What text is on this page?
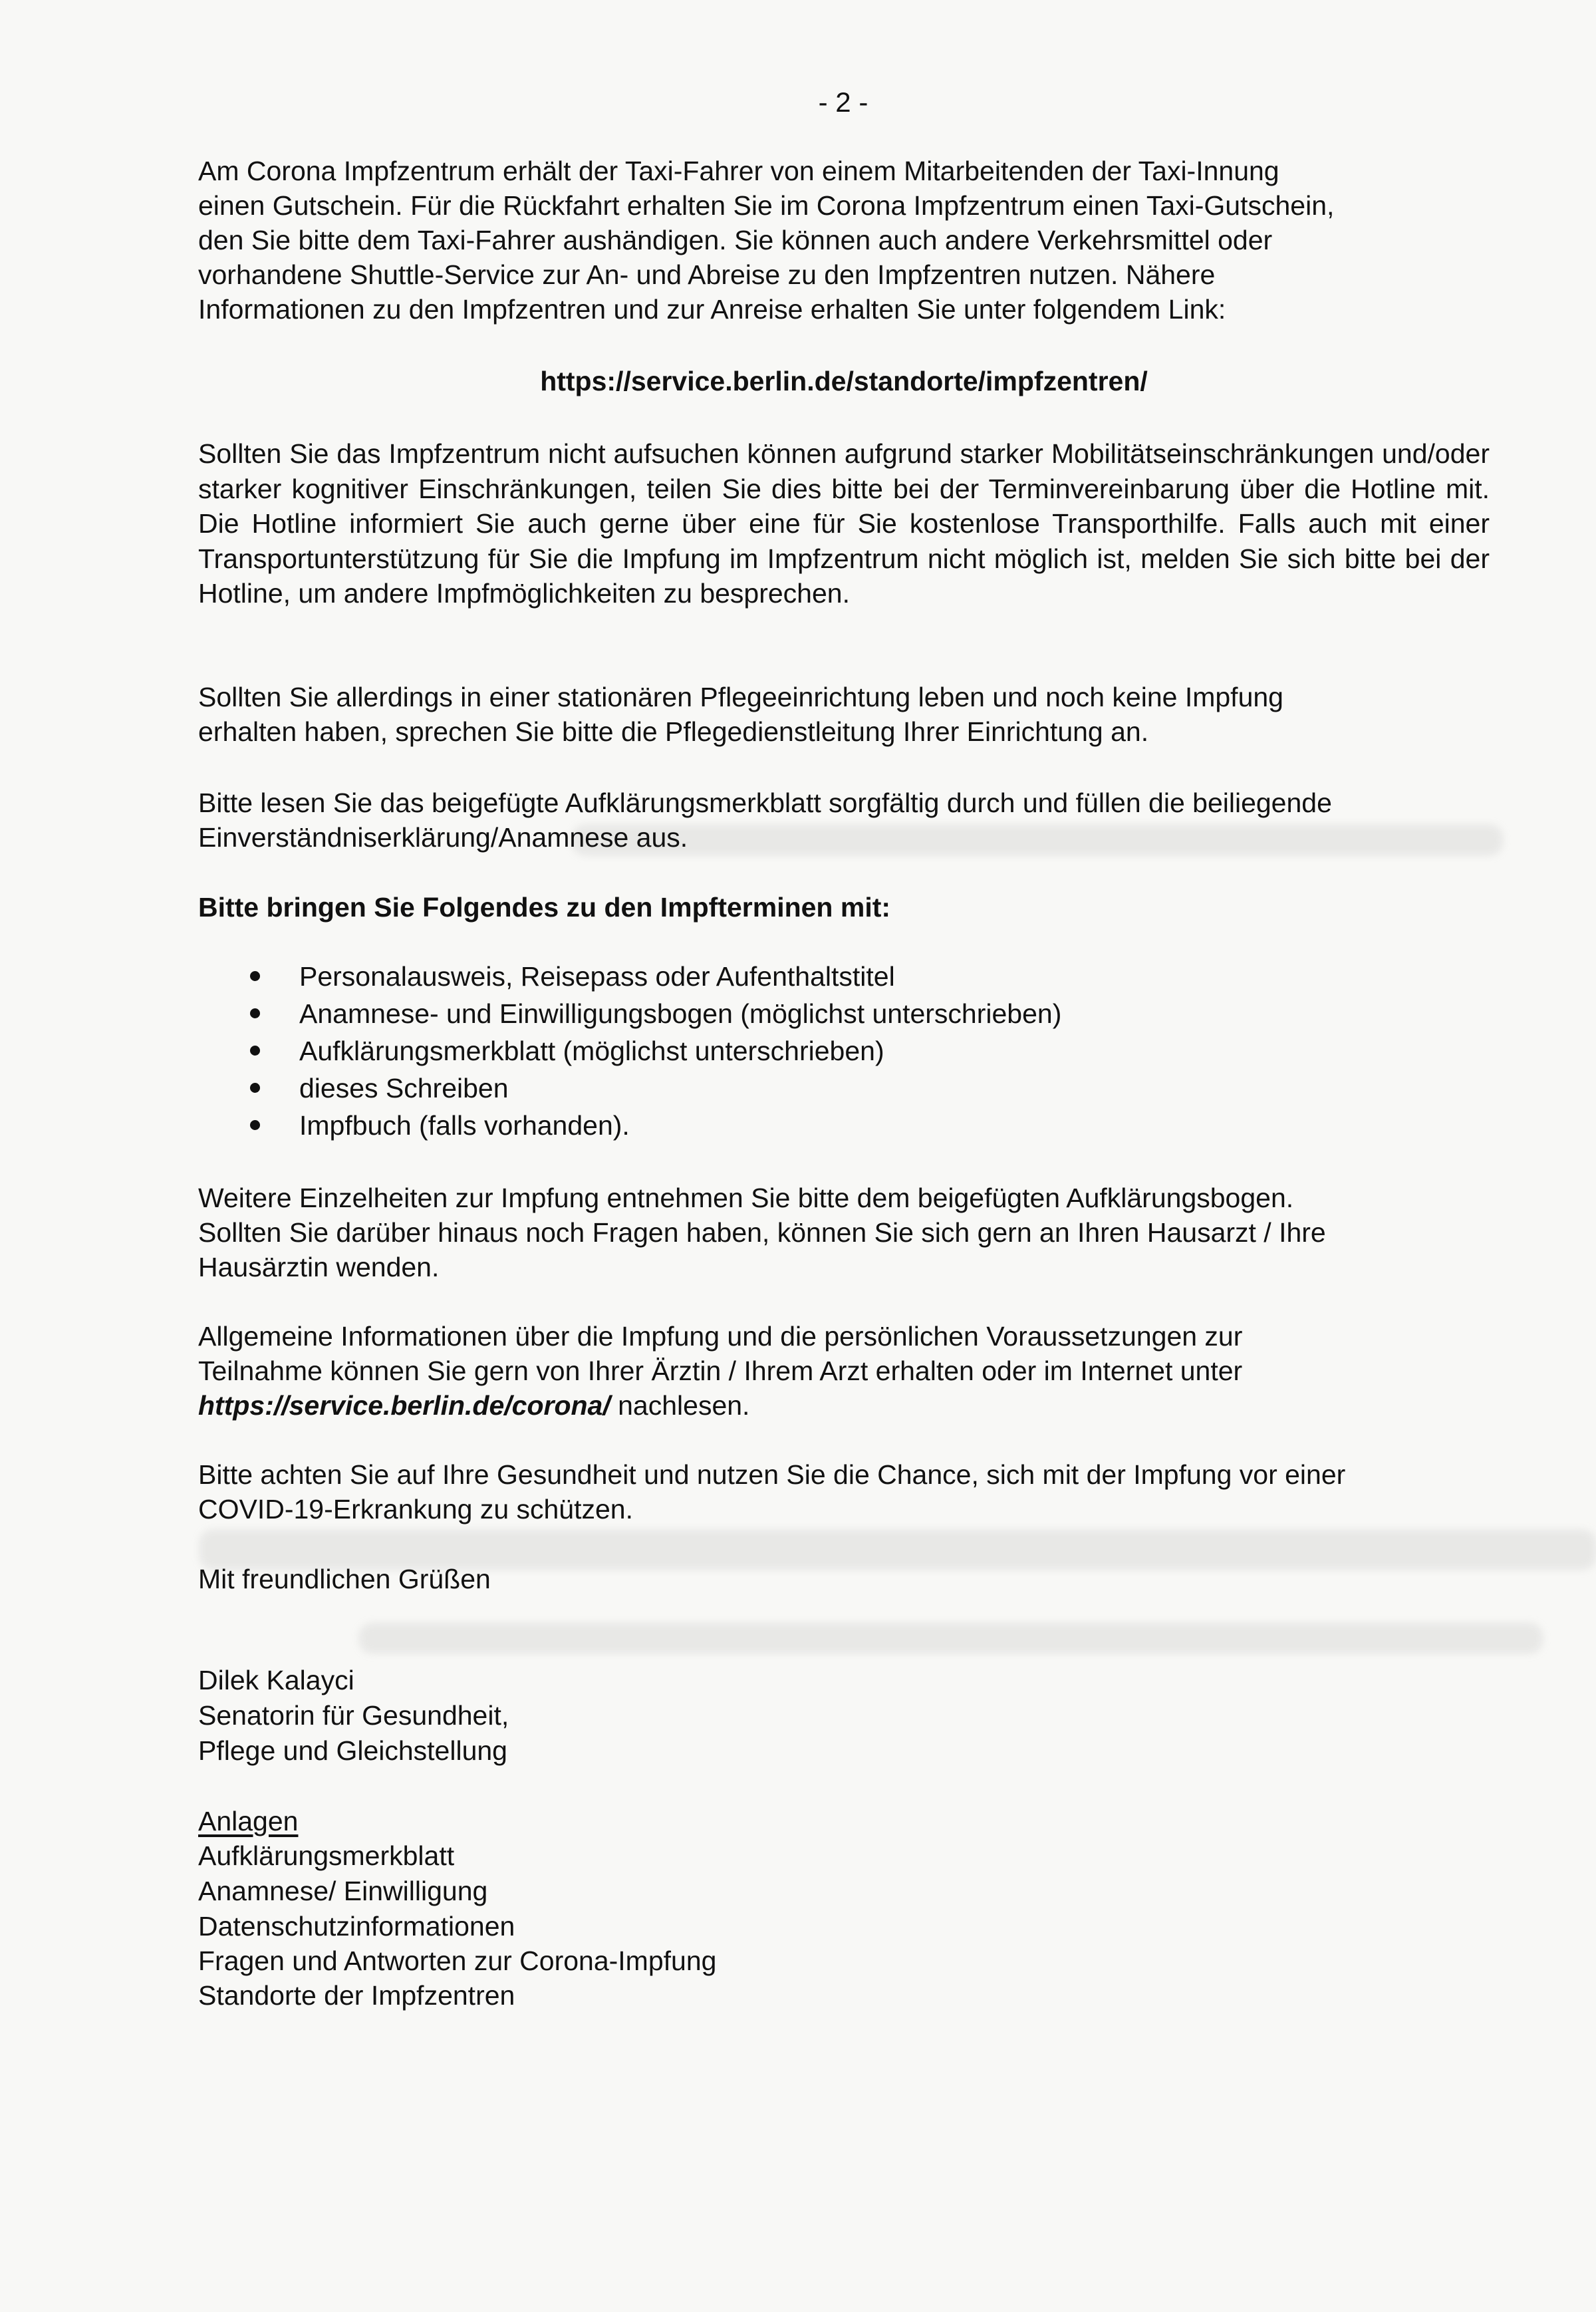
- 2 -
Am Corona Impfzentrum erhält der Taxi-Fahrer von einem Mitarbeitenden der Taxi-Innung
einen Gutschein. Für die Rückfahrt erhalten Sie im Corona Impfzentrum einen Taxi-Gutschein,
den Sie bitte dem Taxi-Fahrer aushändigen. Sie können auch andere Verkehrsmittel oder
vorhandene Shuttle-Service zur An- und Abreise zu den Impfzentren nutzen. Nähere
Informationen zu den Impfzentren und zur Anreise erhalten Sie unter folgendem Link:
https://service.berlin.de/standorte/impfzentren/
Sollten Sie das Impfzentrum nicht aufsuchen können aufgrund starker Mobilitätseinschränkungen und/oder starker kognitiver Einschränkungen, teilen Sie dies bitte bei der Terminvereinbarung über die Hotline mit. Die Hotline informiert Sie auch gerne über eine für Sie kostenlose Transporthilfe. Falls auch mit einer Transportunterstützung für Sie die Impfung im Impfzentrum nicht möglich ist, melden Sie sich bitte bei der Hotline, um andere Impfmöglichkeiten zu besprechen.
Sollten Sie allerdings in einer stationären Pflegeeinrichtung leben und noch keine Impfung
erhalten haben, sprechen Sie bitte die Pflegedienstleitung Ihrer Einrichtung an.
Bitte lesen Sie das beigefügte Aufklärungsmerkblatt sorgfältig durch und füllen die beiliegende
Einverständniserklärung/Anamnese aus.
Bitte bringen Sie Folgendes zu den Impfterminen mit:
Personalausweis, Reisepass oder Aufenthaltstitel
Anamnese- und Einwilligungsbogen (möglichst unterschrieben)
Aufklärungsmerkblatt (möglichst unterschrieben)
dieses Schreiben
Impfbuch (falls vorhanden).
Weitere Einzelheiten zur Impfung entnehmen Sie bitte dem beigefügten Aufklärungsbogen.
Sollten Sie darüber hinaus noch Fragen haben, können Sie sich gern an Ihren Hausarzt / Ihre
Hausärztin wenden.
Allgemeine Informationen über die Impfung und die persönlichen Voraussetzungen zur
Teilnahme können Sie gern von Ihrer Ärztin / Ihrem Arzt erhalten oder im Internet unter
https://service.berlin.de/corona/ nachlesen.
Bitte achten Sie auf Ihre Gesundheit und nutzen Sie die Chance, sich mit der Impfung vor einer
COVID-19-Erkrankung zu schützen.
Mit freundlichen Grüßen
Dilek Kalayci
Senatorin für Gesundheit,
Pflege und Gleichstellung
Anlagen
Aufklärungsmerkblatt
Anamnese/ Einwilligung
Datenschutzinformationen
Fragen und Antworten zur Corona-Impfung
Standorte der Impfzentren
